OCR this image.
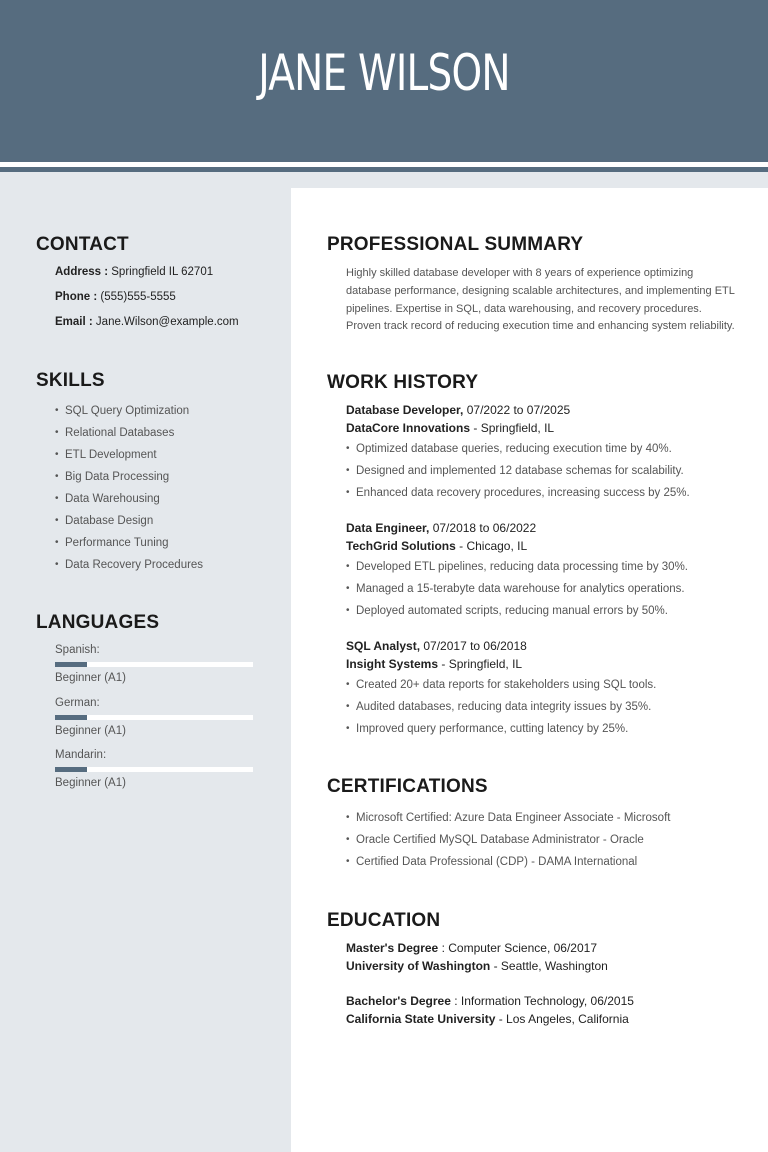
JANE WILSON
CONTACT
Address : Springfield IL 62701
Phone : (555)555-5555
Email : Jane.Wilson@example.com
SKILLS
• SQL Query Optimization
• Relational Databases
• ETL Development
• Big Data Processing
• Data Warehousing
• Database Design
• Performance Tuning
• Data Recovery Procedures
LANGUAGES
Spanish:
Beginner (A1)
German:
Beginner (A1)
Mandarin:
Beginner (A1)
PROFESSIONAL SUMMARY
Highly skilled database developer with 8 years of experience optimizing database performance, designing scalable architectures, and implementing ETL pipelines. Expertise in SQL, data warehousing, and recovery procedures. Proven track record of reducing execution time and enhancing system reliability.
WORK HISTORY
Database Developer, 07/2022 to 07/2025
DataCore Innovations - Springfield, IL
• Optimized database queries, reducing execution time by 40%.
• Designed and implemented 12 database schemas for scalability.
• Enhanced data recovery procedures, increasing success by 25%.
Data Engineer, 07/2018 to 06/2022
TechGrid Solutions - Chicago, IL
• Developed ETL pipelines, reducing data processing time by 30%.
• Managed a 15-terabyte data warehouse for analytics operations.
• Deployed automated scripts, reducing manual errors by 50%.
SQL Analyst, 07/2017 to 06/2018
Insight Systems - Springfield, IL
• Created 20+ data reports for stakeholders using SQL tools.
• Audited databases, reducing data integrity issues by 35%.
• Improved query performance, cutting latency by 25%.
CERTIFICATIONS
• Microsoft Certified: Azure Data Engineer Associate - Microsoft
• Oracle Certified MySQL Database Administrator - Oracle
• Certified Data Professional (CDP) - DAMA International
EDUCATION
Master's Degree : Computer Science, 06/2017
University of Washington - Seattle, Washington
Bachelor's Degree : Information Technology, 06/2015
California State University - Los Angeles, California
